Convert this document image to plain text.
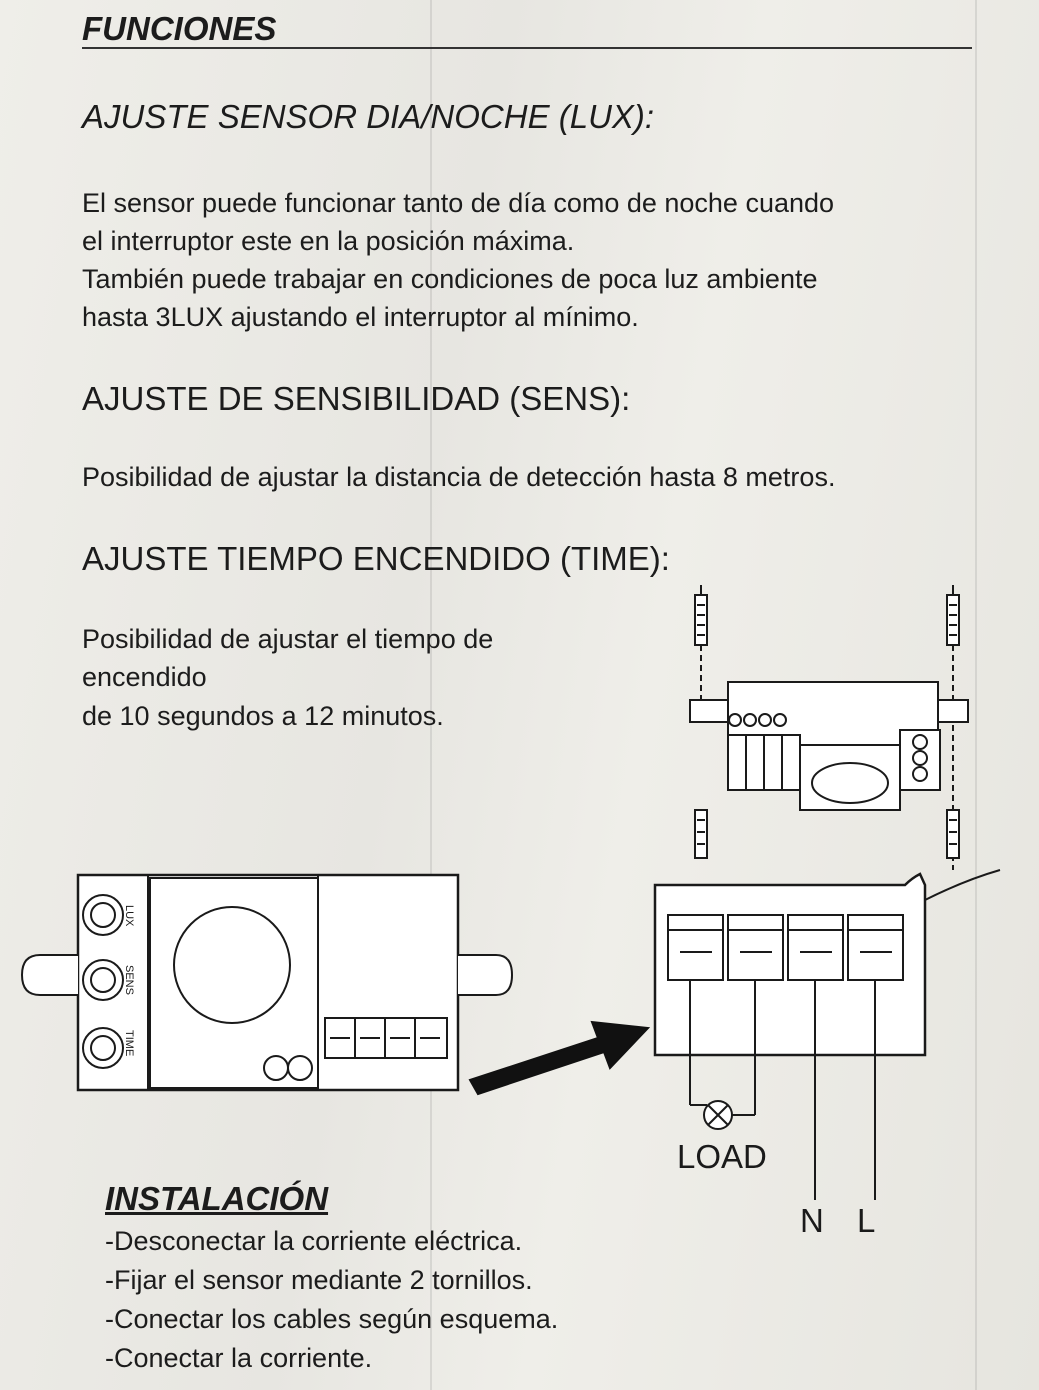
FUNCIONES
AJUSTE SENSOR DIA/NOCHE (LUX):
El sensor puede funcionar tanto de día como de noche cuando
el interruptor este en la posición máxima.
También puede trabajar en condiciones de poca luz ambiente
hasta 3LUX ajustando el interruptor al mínimo.
AJUSTE DE SENSIBILIDAD (SENS):
Posibilidad de ajustar la distancia de detección hasta 8 metros.
AJUSTE TIEMPO ENCENDIDO (TIME):
Posibilidad de ajustar el tiempo de
encendido
de 10 segundos a 12 minutos.
LUX
SENS
TIME
LOAD
N L
INSTALACIÓN
-Desconectar la corriente eléctrica.
-Fijar el sensor mediante 2 tornillos.
-Conectar los cables según esquema.
-Conectar la corriente.
